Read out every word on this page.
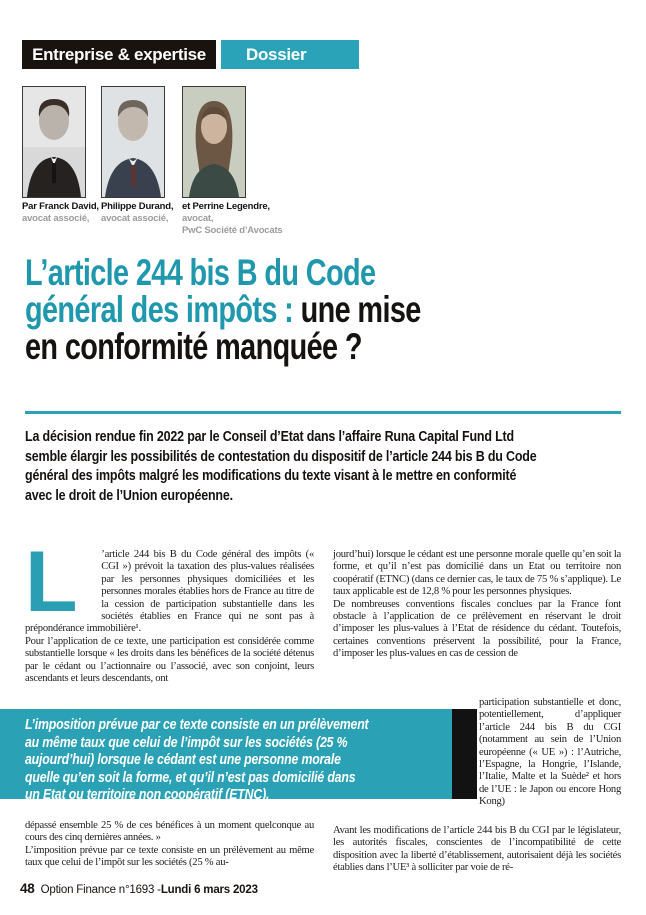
Entreprise & expertise Dossier
Par Franck David,
avocat associé,
Philippe Durand,
avocat associé,
et Perrine Legendre,
avocat,
PwC Société d’Avocats
L’article 244 bis B du Code
général des impôts : une mise
en conformité manquée ?
La décision rendue fin 2022 par le Conseil d’Etat dans l’affaire Runa Capital Fund Ltd
semble élargir les possibilités de contestation du dispositif de l’article 244 bis B du Code
général des impôts malgré les modifications du texte visant à le mettre en conformité
avec le droit de l’Union européenne.

L ’article 244 bis B du Code général des impôts (« CGI ») prévoit la taxation des plus-values réalisées par les personnes physiques domiciliées et les personnes morales établies hors de France au titre de la cession de participation substantielle dans les sociétés établies en France qui ne sont pas à prépondérance immobilière¹.

Pour l’application de ce texte, une participation est considérée comme substantielle lorsque « les droits dans les bénéfices de la société détenus par le cédant ou l’actionnaire ou l’associé, avec son conjoint, leurs ascendants et leurs descendants, ont

jourd’hui) lorsque le cédant est une personne morale quelle qu’en soit la forme, et qu’il n’est pas domicilié dans un Etat ou territoire non coopératif (ETNC) (dans ce dernier cas, le taux de 75 % s’applique). Le taux applicable est de 12,8 % pour les personnes physiques.

De nombreuses conventions fiscales conclues par la France font obstacle à l’application de ce prélèvement en réservant le droit d’imposer les plus-values à l’Etat de résidence du cédant. Toutefois, certaines conventions préservent la possibilité, pour la France, d’imposer les plus-values en cas de cession de

L’imposition prévue par ce texte consiste en un prélèvement
au même taux que celui de l’impôt sur les sociétés (25 %
aujourd’hui) lorsque le cédant est une personne morale
quelle qu’en soit la forme, et qu’il n’est pas domicilié dans
un Etat ou territoire non coopératif (ETNC).

participation substantielle et donc, potentiellement, d’appliquer l’article 244 bis B du CGI (notamment au sein de l’Union européenne (« UE ») : l’Autriche, l’Espagne, la Hongrie, l’Islande, l’Italie, Malte et la Suède² et hors de l’UE : le Japon ou encore Hong Kong)

dépassé ensemble 25 % de ces bénéfices à un moment quelconque au cours des cinq dernières années. »

L’imposition prévue par ce texte consiste en un prélèvement au même taux que celui de l’impôt sur les sociétés (25 % au-

Avant les modifications de l’article 244 bis B du CGI par le législateur, les autorités fiscales, conscientes de l’incompatibilité de cette disposition avec la liberté d’établissement, autorisaient déjà les sociétés établies dans l’UE³ à solliciter par voie de ré-

48 Option Finance n°1693 - Lundi 6 mars 2023
